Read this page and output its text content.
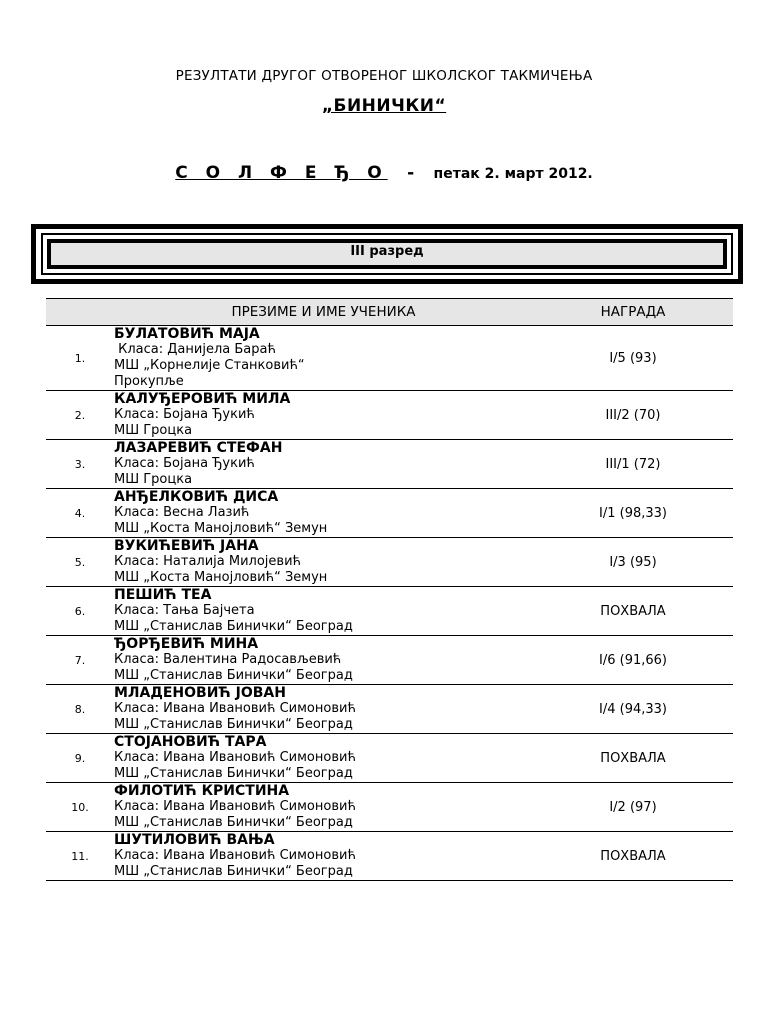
РЕЗУЛТАТИ ДРУГОГ ОТВОРЕНОГ ШКОЛСКОГ ТАКМИЧЕЊА
„БИНИЧКИ“
С О Л Ф Е Ђ О - петак 2. март 2012.
III разред
	ПРЕЗИМЕ И ИМЕ УЧЕНИКА	НАГРАДА
1.	БУЛАТОВИЋ МАЈА
Класа: Данијела Бараћ
МШ „Корнелије Станковић“
Прокупље	I/5 (93)
2.	КАЛУЂЕРОВИЋ МИЛА
Класа: Бојана Ђукић
МШ Гроцка	III/2 (70)
3.	ЛАЗАРЕВИЋ СТЕФАН
Класа: Бојана Ђукић
МШ Гроцка	III/1 (72)
4.	АНЂЕЛКОВИЋ ДИСА
Класа: Весна Лазић
МШ „Коста Манојловић“ Земун	I/1 (98,33)
5.	ВУКИЋЕВИЋ ЈАНА
Класа: Наталија Милојевић
МШ „Коста Манојловић“ Земун	I/3 (95)
6.	ПЕШИЋ ТЕА
Класа: Тања Бајчета
МШ „Станислав Бинички“ Београд	ПОХВАЛА
7.	ЂОРЂЕВИЋ МИНА
Класа: Валентина Радосављевић
МШ „Станислав Бинички“ Београд	I/6 (91,66)
8.	МЛАДЕНОВИЋ ЈОВАН
Класа: Ивана Ивановић Симоновић
МШ „Станислав Бинички“ Београд	I/4 (94,33)
9.	СТОЈАНОВИЋ ТАРА
Класа: Ивана Ивановић Симоновић
МШ „Станислав Бинички“ Београд	ПОХВАЛА
10.	ФИЛОТИЋ КРИСТИНА
Класа: Ивана Ивановић Симоновић
МШ „Станислав Бинички“ Београд	I/2 (97)
11.	ШУТИЛОВИЋ ВАЊА
Класа: Ивана Ивановић Симоновић
МШ „Станислав Бинички“ Београд	ПОХВАЛА
